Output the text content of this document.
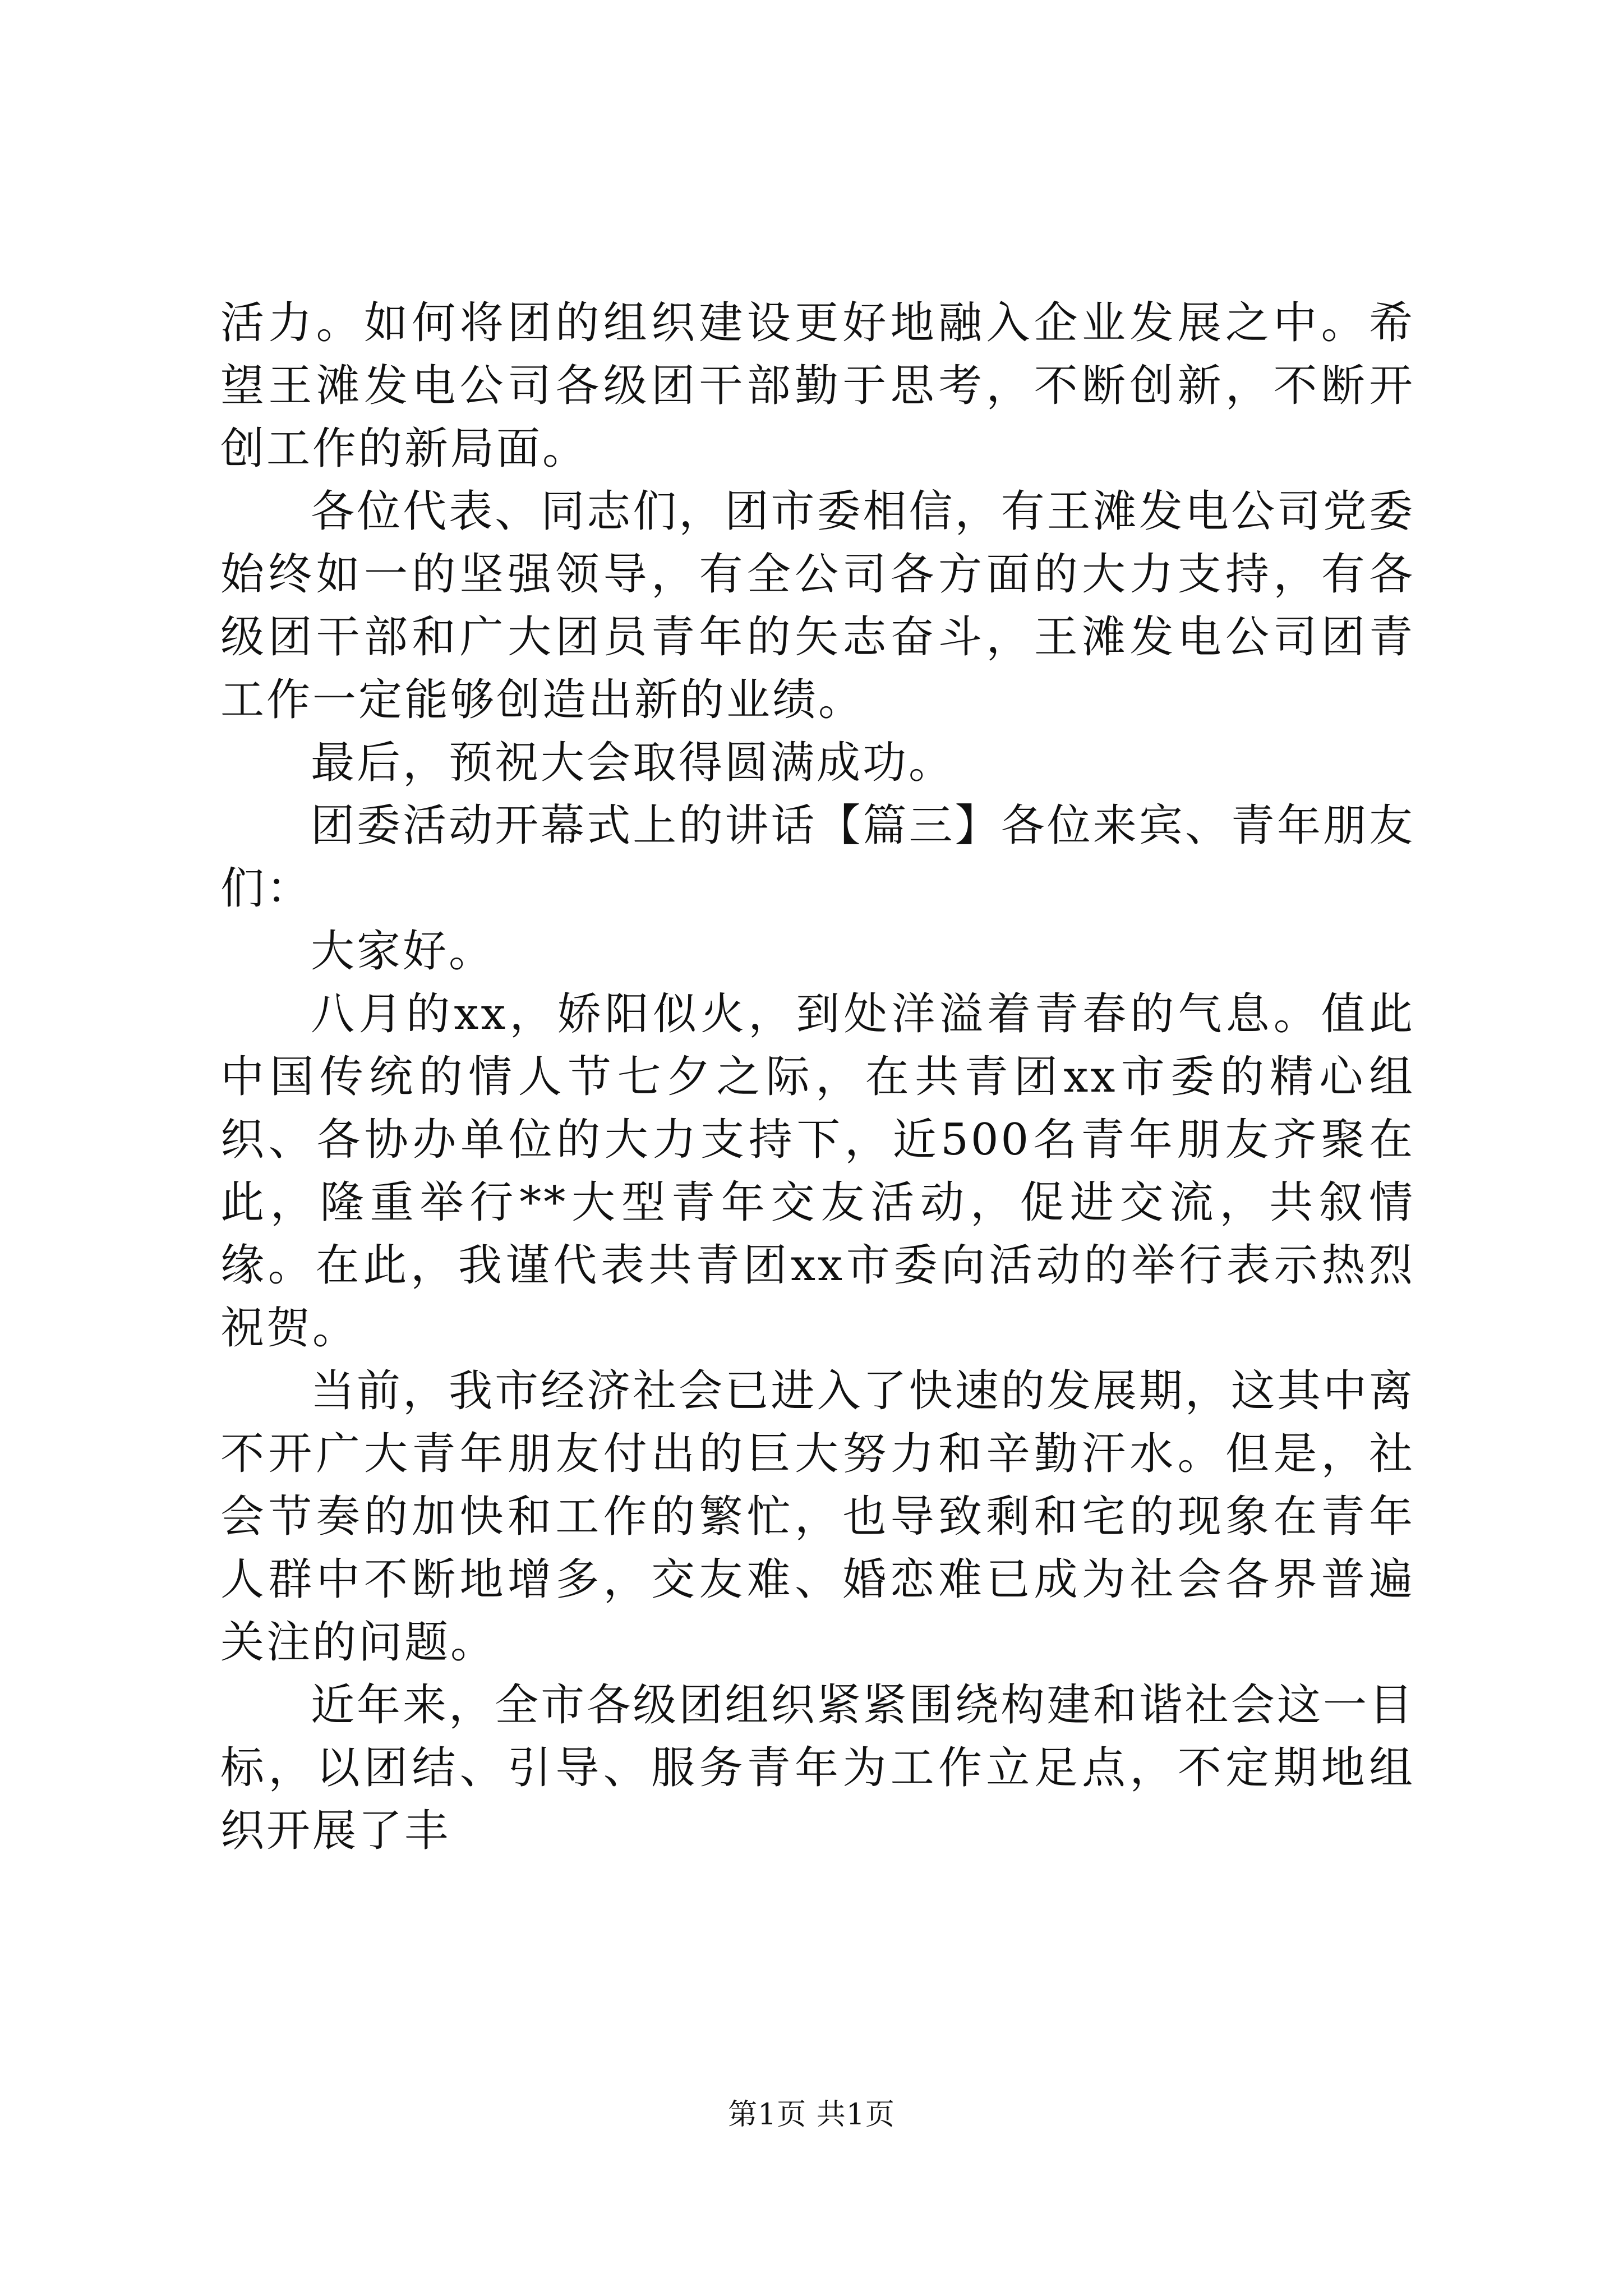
活力。如何将团的组织建设更好地融入企业发展之中。希望王滩发电公司各级团干部勤于思考，不断创新，不断开创工作的新局面。

各位代表、同志们，团市委相信，有王滩发电公司党委始终如一的坚强领导，有全公司各方面的大力支持，有各级团干部和广大团员青年的矢志奋斗，王滩发电公司团青工作一定能够创造出新的业绩。

最后，预祝大会取得圆满成功。

团委活动开幕式上的讲话【篇三】各位来宾、青年朋友们：

大家好。

八月的xx，娇阳似火，到处洋溢着青春的气息。值此中国传统的情人节七夕之际，在共青团xx市委的精心组织、各协办单位的大力支持下，近500名青年朋友齐聚在此，隆重举行**大型青年交友活动，促进交流，共叙情缘。在此，我谨代表共青团xx市委向活动的举行表示热烈祝贺。

当前，我市经济社会已进入了快速的发展期，这其中离不开广大青年朋友付出的巨大努力和辛勤汗水。但是，社会节奏的加快和工作的繁忙，也导致剩和宅的现象在青年人群中不断地增多，交友难、婚恋难已成为社会各界普遍关注的问题。

近年来，全市各级团组织紧紧围绕构建和谐社会这一目标，以团结、引导、服务青年为工作立足点，不定期地组织开展了丰

第1页 共1页
